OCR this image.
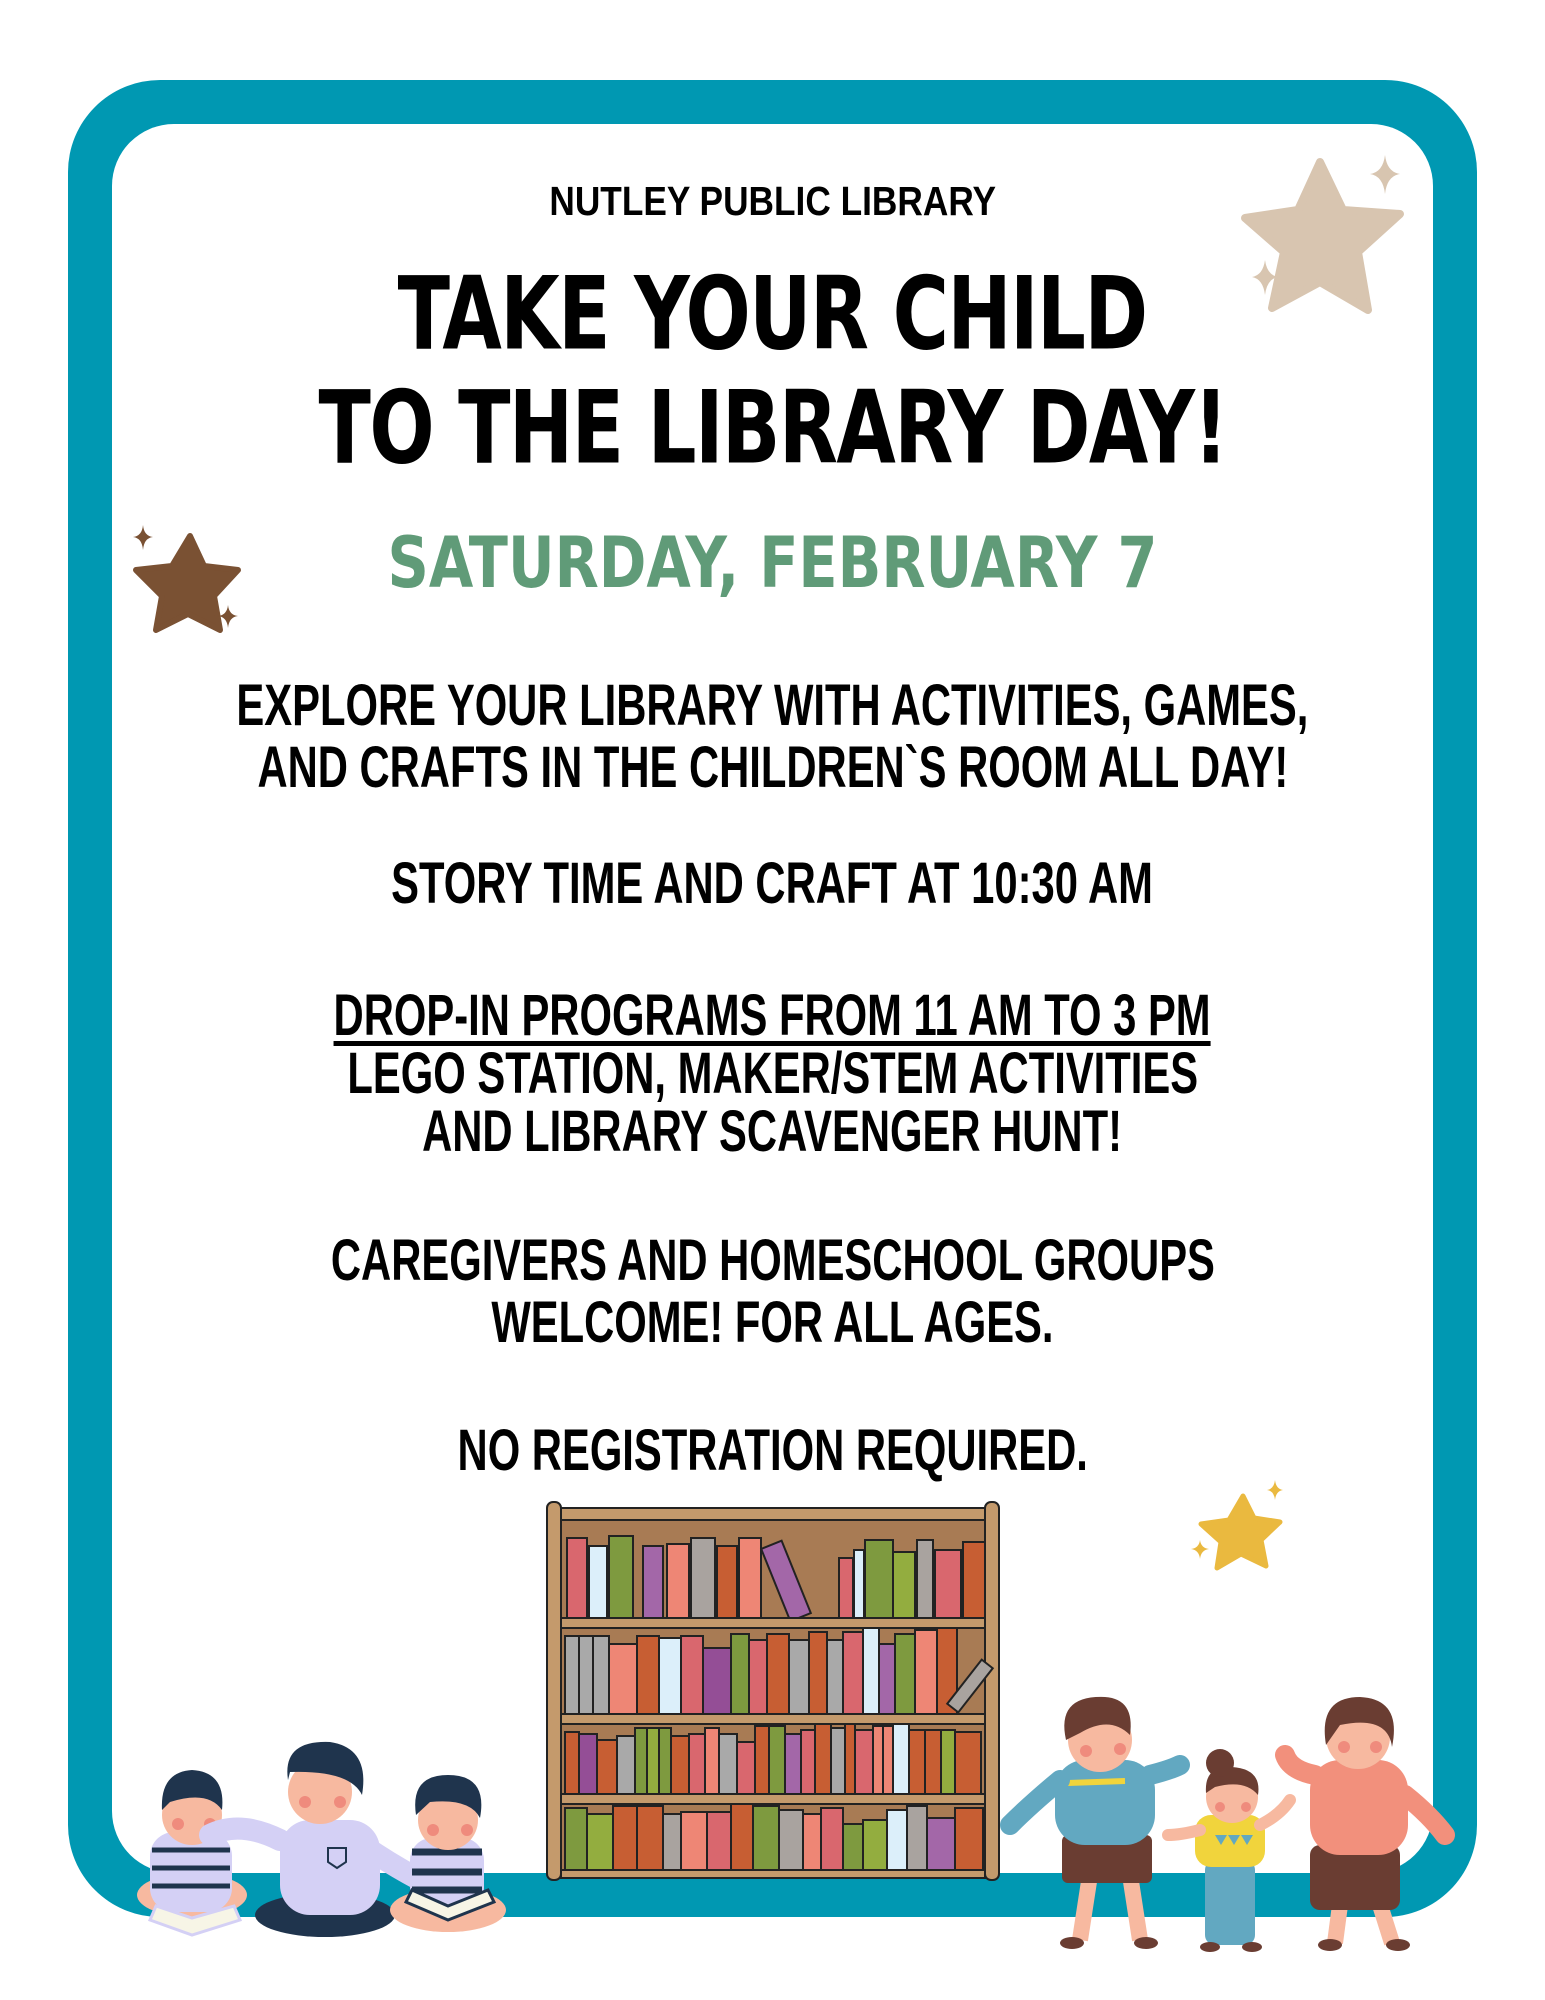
NUTLEY PUBLIC LIBRARY
TAKE YOUR CHILD
TO THE LIBRARY DAY!
SATURDAY, FEBRUARY 7
EXPLORE YOUR LIBRARY WITH ACTIVITIES, GAMES,
AND CRAFTS IN THE CHILDREN`S ROOM ALL DAY!
STORY TIME AND CRAFT AT 10:30 AM
DROP-IN PROGRAMS FROM 11 AM TO 3 PM
LEGO STATION, MAKER/STEM ACTIVITIES
AND LIBRARY SCAVENGER HUNT!
CAREGIVERS AND HOMESCHOOL GROUPS
WELCOME! FOR ALL AGES.
NO REGISTRATION REQUIRED.
